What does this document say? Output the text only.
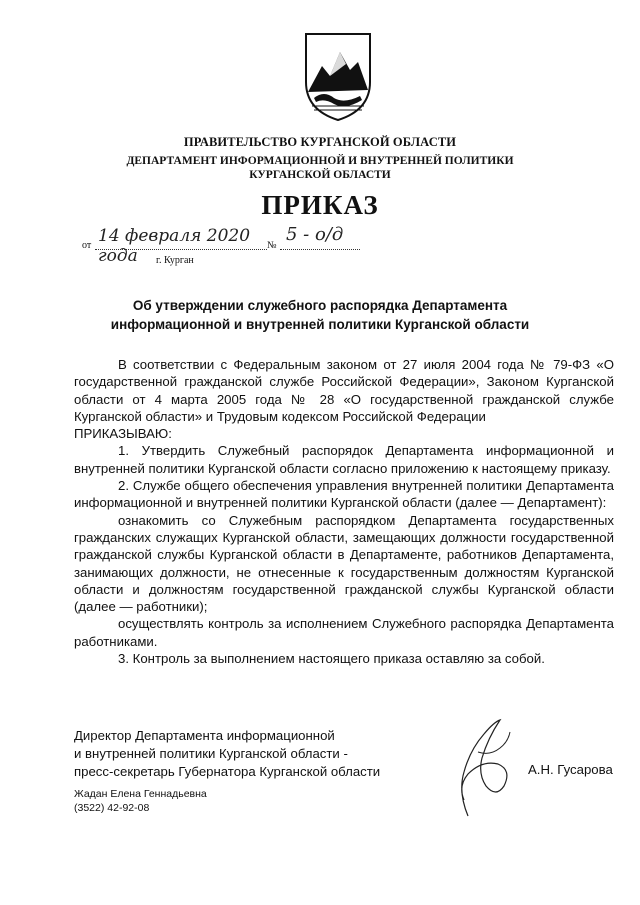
ПРАВИТЕЛЬСТВО КУРГАНСКОЙ ОБЛАСТИ
ДЕПАРТАМЕНТ ИНФОРМАЦИОННОЙ И ВНУТРЕННЕЙ ПОЛИТИКИ
КУРГАНСКОЙ ОБЛАСТИ
ПРИКАЗ
от 14 февраля 2020 года
№
5 - о/д
г. Курган
Об утверждении служебного распорядка Департамента
информационной и внутренней политики Курганской области

В соответствии с Федеральным законом от 27 июля 2004 года № 79-ФЗ «О государственной гражданской службе Российской Федерации», Законом Курганской области от 4 марта 2005 года № 28 «О государственной гражданской службе Курганской области» и Трудовым кодексом Российской Федерации

ПРИКАЗЫВАЮ:

1. Утвердить Служебный распорядок Департамента информационной и внутренней политики Курганской области согласно приложению к настоящему приказу.

2. Службе общего обеспечения управления внутренней политики Департамента информационной и внутренней политики Курганской области (далее — Департамент):

ознакомить со Служебным распорядком Департамента государственных гражданских служащих Курганской области, замещающих должности государственной гражданской службы Курганской области в Департаменте, работников Департамента, занимающих должности, не отнесенные к государственным должностям Курганской области и должностям государственной гражданской службы Курганской области (далее — работники);

осуществлять контроль за исполнением Служебного распорядка Департамента работниками.

3. Контроль за выполнением настоящего приказа оставляю за собой.

Директор Департамента информационной
и внутренней политики Курганской области -
пресс-секретарь Губернатора Курганской области	А.Н. Гусарова
Жадан Елена Геннадьевна
(3522) 42-92-08
